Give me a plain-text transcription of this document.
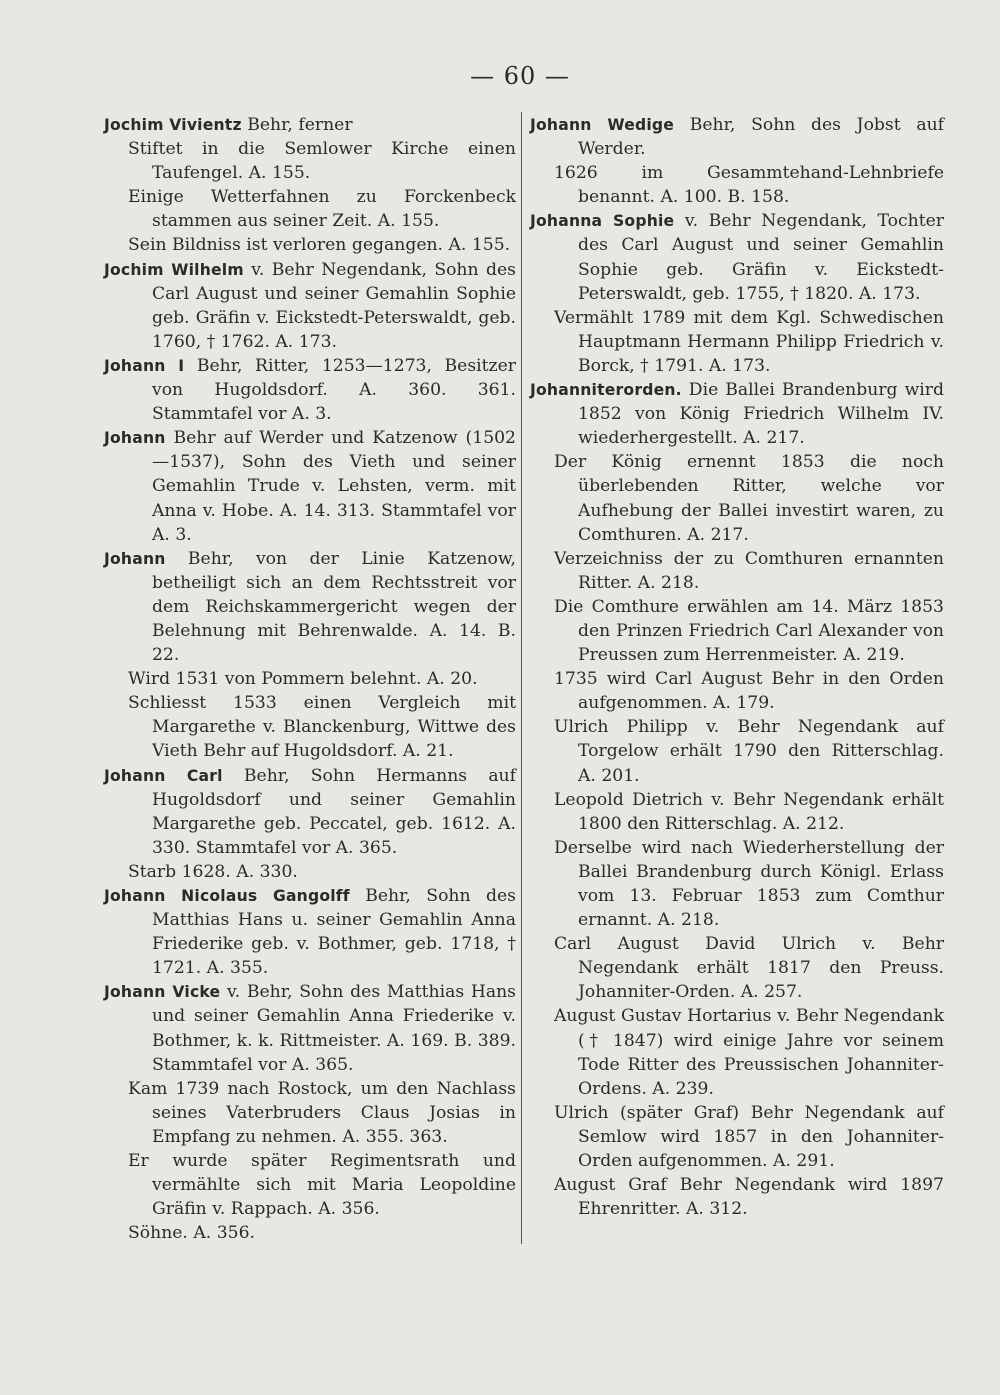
— 60 —
Jochim Vivientz Behr, ferner
Stiftet in die Semlower Kirche einen Taufengel. A. 155.
Einige Wetterfahnen zu Forckenbeck stammen aus seiner Zeit. A. 155.
Sein Bildniss ist verloren gegangen. A. 155.
Jochim Wilhelm v. Behr Negendank, Sohn des Carl August und seiner Gemahlin Sophie geb. Gräfin v. Eickstedt-Peterswaldt, geb. 1760, † 1762. A. 173.
Johann I Behr, Ritter, 1253—1273, Besitzer von Hugoldsdorf. A. 360. 361. Stammtafel vor A. 3.
Johann Behr auf Werder und Katzenow (1502—1537), Sohn des Vieth und seiner Gemahlin Trude v. Lehsten, verm. mit Anna v. Hobe. A. 14. 313. Stammtafel vor A. 3.
Johann Behr, von der Linie Katzenow, betheiligt sich an dem Rechtsstreit vor dem Reichskammergericht wegen der Belehnung mit Behrenwalde. A. 14. B. 22.
Wird 1531 von Pommern belehnt. A. 20.
Schliesst 1533 einen Vergleich mit Margarethe v. Blanckenburg, Wittwe des Vieth Behr auf Hugoldsdorf. A. 21.
Johann Carl Behr, Sohn Hermanns auf Hugoldsdorf und seiner Gemahlin Margarethe geb. Peccatel, geb. 1612. A. 330. Stammtafel vor A. 365.
Starb 1628. A. 330.
Johann Nicolaus Gangolff Behr, Sohn des Matthias Hans u. seiner Gemahlin Anna Friederike geb. v. Bothmer, geb. 1718, † 1721. A. 355.
Johann Vicke v. Behr, Sohn des Matthias Hans und seiner Gemahlin Anna Friederike v. Bothmer, k. k. Rittmeister. A. 169. B. 389. Stammtafel vor A. 365.
Kam 1739 nach Rostock, um den Nachlass seines Vaterbruders Claus Josias in Empfang zu nehmen. A. 355. 363.
Er wurde später Regimentsrath und vermählte sich mit Maria Leopoldine Gräfin v. Rappach. A. 356.
Söhne. A. 356.
Johann Wedige Behr, Sohn des Jobst auf Werder.
1626 im Gesammtehand-Lehnbriefe benannt. A. 100. B. 158.
Johanna Sophie v. Behr Negendank, Tochter des Carl August und seiner Gemahlin Sophie geb. Gräfin v. Eickstedt-Peterswaldt, geb. 1755, † 1820. A. 173.
Vermählt 1789 mit dem Kgl. Schwedischen Hauptmann Hermann Philipp Friedrich v. Borck, † 1791. A. 173.
Johanniterorden. Die Ballei Brandenburg wird 1852 von König Friedrich Wilhelm IV. wiederhergestellt. A. 217.
Der König ernennt 1853 die noch überlebenden Ritter, welche vor Aufhebung der Ballei investirt waren, zu Comthuren. A. 217.
Verzeichniss der zu Comthuren ernannten Ritter. A. 218.
Die Comthure erwählen am 14. März 1853 den Prinzen Friedrich Carl Alexander von Preussen zum Herrenmeister. A. 219.
1735 wird Carl August Behr in den Orden aufgenommen. A. 179.
Ulrich Philipp v. Behr Negendank auf Torgelow erhält 1790 den Ritterschlag. A. 201.
Leopold Dietrich v. Behr Negendank erhält 1800 den Ritterschlag. A. 212.
Derselbe wird nach Wiederherstellung der Ballei Brandenburg durch Königl. Erlass vom 13. Februar 1853 zum Comthur ernannt. A. 218.
Carl August David Ulrich v. Behr Negendank erhält 1817 den Preuss. Johanniter-Orden. A. 257.
August Gustav Hortarius v. Behr Negendank († 1847) wird einige Jahre vor seinem Tode Ritter des Preussischen Johanniter-Ordens. A. 239.
Ulrich (später Graf) Behr Negendank auf Semlow wird 1857 in den Johanniter-Orden aufgenommen. A. 291.
August Graf Behr Negendank wird 1897 Ehrenritter. A. 312.
